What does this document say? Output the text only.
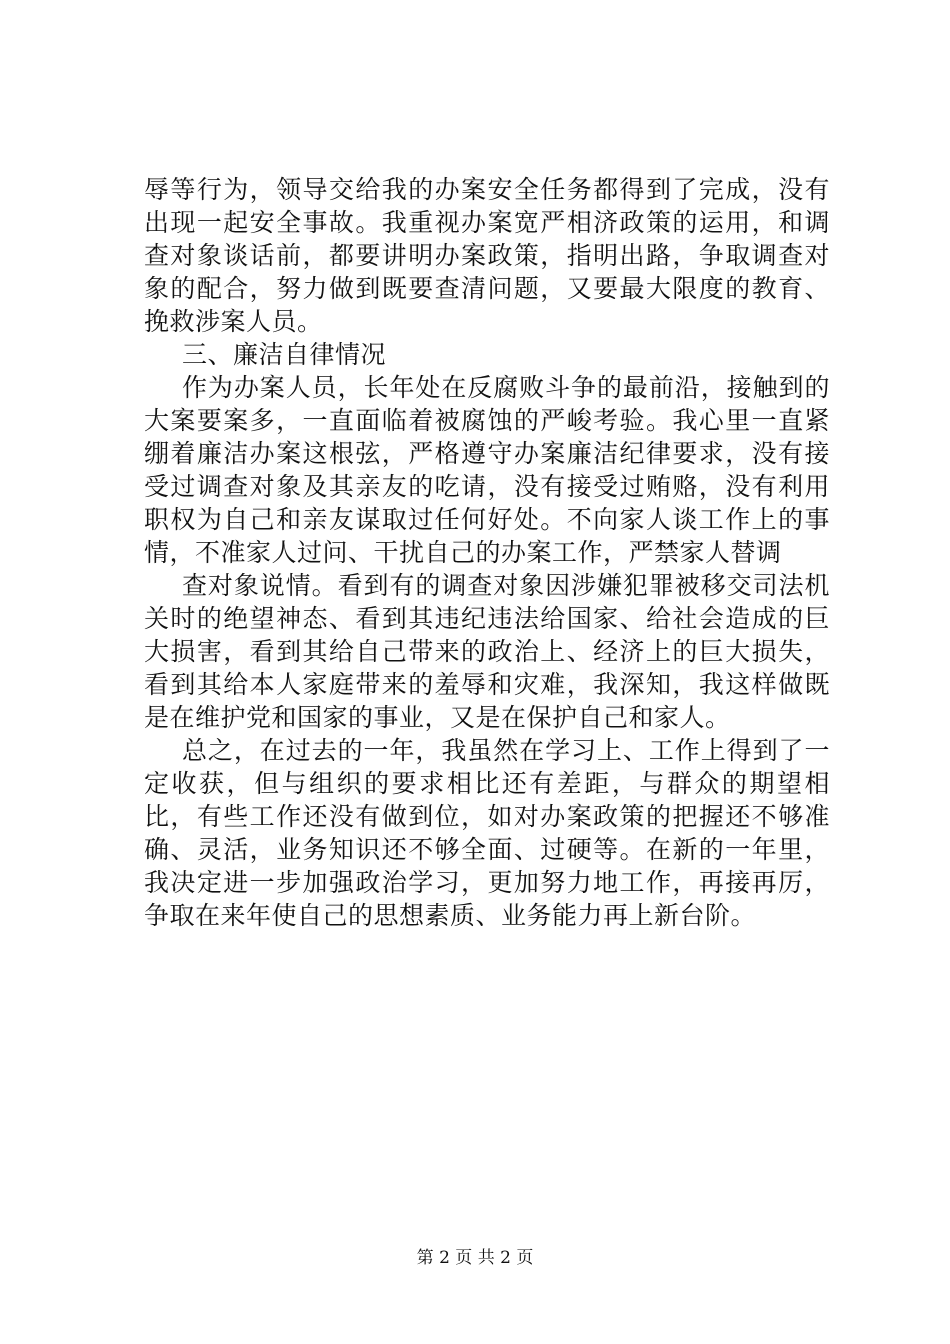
辱等行为，领导交给我的办案安全任务都得到了完成，没有出现一起安全事故。我重视办案宽严相济政策的运用，和调查对象谈话前，都要讲明办案政策，指明出路，争取调查对象的配合，努力做到既要查清问题，又要最大限度的教育、挽救涉案人员。

三、廉洁自律情况

作为办案人员，长年处在反腐败斗争的最前沿，接触到的大案要案多，一直面临着被腐蚀的严峻考验。我心里一直紧绷着廉洁办案这根弦，严格遵守办案廉洁纪律要求，没有接受过调查对象及其亲友的吃请，没有接受过贿赂，没有利用职权为自己和亲友谋取过任何好处。不向家人谈工作上的事情，不准家人过问、干扰自己的办案工作，严禁家人替调

查对象说情。看到有的调查对象因涉嫌犯罪被移交司法机关时的绝望神态、看到其违纪违法给国家、给社会造成的巨大损害，看到其给自己带来的政治上、经济上的巨大损失，看到其给本人家庭带来的羞辱和灾难，我深知，我这样做既是在维护党和国家的事业，又是在保护自己和家人。

总之，在过去的一年，我虽然在学习上、工作上得到了一定收获，但与组织的要求相比还有差距，与群众的期望相比，有些工作还没有做到位，如对办案政策的把握还不够准确、灵活，业务知识还不够全面、过硬等。在新的一年里，我决定进一步加强政治学习，更加努力地工作，再接再厉，争取在来年使自己的思想素质、业务能力再上新台阶。

第 2 页 共 2 页
